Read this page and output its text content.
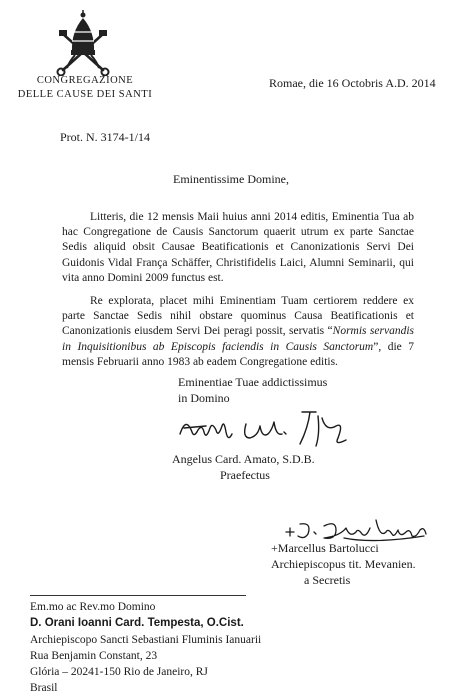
CONGREGAZIONE
DELLE CAUSE DEI SANTI
Romae, die 16 Octobris A.D. 2014
Prot. N. 3174-1/14
Eminentissime Domine,

Litteris, die 12 mensis Maii huius anni 2014 editis, Eminentia Tua ab hac Congregatione de Causis Sanctorum quaerit utrum ex parte Sanctae Sedis aliquid obsit Causae Beatificationis et Canonizationis Servi Dei Guidonis Vidal França Schäffer, Christifidelis Laici, Alumni Seminarii, qui vita anno Domini 2009 functus est.

Re explorata, placet mihi Eminentiam Tuam certiorem reddere ex parte Sanctae Sedis nihil obstare quominus Causa Beatificationis et Canonizationis eiusdem Servi Dei peragi possit, servatis “Normis servandis in Inquisitionibus ab Episcopis faciendis in Causis Sanctorum”, die 7 mensis Februarii anno 1983 ab eadem Congregatione editis.

Eminentiae Tuae addictissimus
in Domino
Angelus Card. Amato, S.D.B.
Praefectus
+Marcellus Bartolucci
Archiepiscopus tit. Mevanien.
a Secretis
Em.mo ac Rev.mo Domino
D. Orani Ioanni Card. Tempesta, O.Cist.
Archiepiscopo Sancti Sebastiani Fluminis Ianuarii
Rua Benjamin Constant, 23
Glória – 20241-150 Rio de Janeiro, RJ
Brasil
